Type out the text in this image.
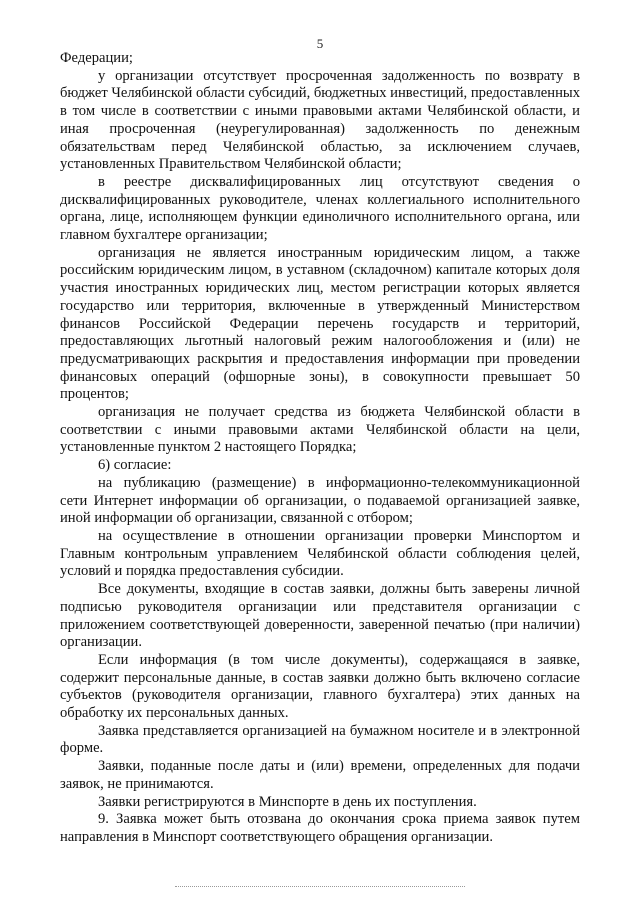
5

Федерации;

у организации отсутствует просроченная задолженность по возврату в бюджет Челябинской области субсидий, бюджетных инвестиций, предоставленных в том числе в соответствии с иными правовыми актами Челябинской области, и иная просроченная (неурегулированная) задолженность по денежным обязательствам перед Челябинской областью, за исключением случаев, установленных Правительством Челябинской области;

в реестре дисквалифицированных лиц отсутствуют сведения о дисквалифицированных руководителе, членах коллегиального исполнительного органа, лице, исполняющем функции единоличного исполнительного органа, или главном бухгалтере организации;

организация не является иностранным юридическим лицом, а также российским юридическим лицом, в уставном (складочном) капитале которых доля участия иностранных юридических лиц, местом регистрации которых является государство или территория, включенные в утвержденный Министерством финансов Российской Федерации перечень государств и территорий, предоставляющих льготный налоговый режим налогообложения и (или) не предусматривающих раскрытия и предоставления информации при проведении финансовых операций (офшорные зоны), в совокупности превышает 50 процентов;

организация не получает средства из бюджета Челябинской области в соответствии с иными правовыми актами Челябинской области на цели, установленные пунктом 2 настоящего Порядка;

6) согласие:

на публикацию (размещение) в информационно-телекоммуникационной сети Интернет информации об организации, о подаваемой организацией заявке, иной информации об организации, связанной с отбором;

на осуществление в отношении организации проверки Минспортом и Главным контрольным управлением Челябинской области соблюдения целей, условий и порядка предоставления субсидии.

Все документы, входящие в состав заявки, должны быть заверены личной подписью руководителя организации или представителя организации с приложением соответствующей доверенности, заверенной печатью (при наличии) организации.

Если информация (в том числе документы), содержащаяся в заявке, содержит персональные данные, в состав заявки должно быть включено согласие субъектов (руководителя организации, главного бухгалтера) этих данных на обработку их персональных данных.

Заявка представляется организацией на бумажном носителе и в электронной форме.

Заявки, поданные после даты и (или) времени, определенных для подачи заявок, не принимаются.

Заявки регистрируются в Минспорте в день их поступления.

9. Заявка может быть отозвана до окончания срока приема заявок путем направления в Минспорт соответствующего обращения организации.
